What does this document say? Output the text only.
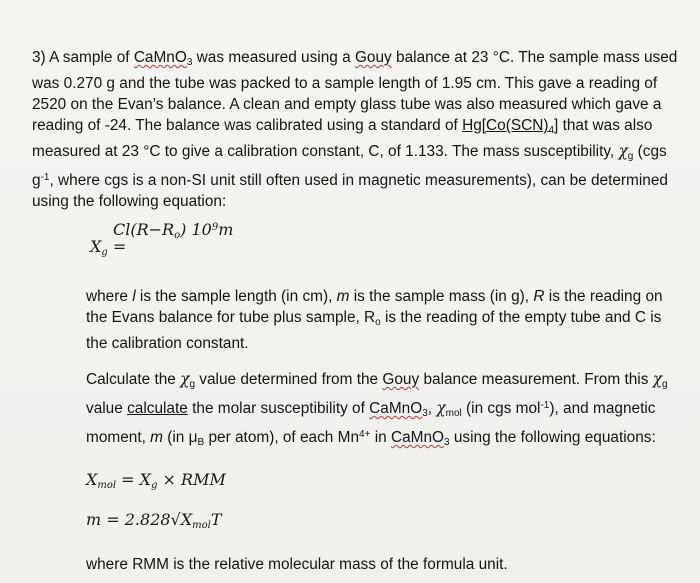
3) A sample of CaMnO$_3$ was measured using a Gouy balance at 23 °C. The sample mass used was 0.270 g and the tube was packed to a sample length of 1.95 cm. This gave a reading of 2520 on the Evan’s balance. A clean and empty glass tube was also measured which gave a reading of -24. The balance was calibrated using a standard of $Hg[Co(SCN)_4]$ that was also measured at 23 °C to give a calibration constant, C, of 1.133. The mass susceptibility, $\chi_g$ (cgs $g^{-1}$, where cgs is a non-SI unit still often used in magnetic measurements), can be determined using the following equation:

$Cl(R-R_o)$ $10^9m$
$X_g$ =

where l is the sample length (in cm), m is the sample mass (in g), R is the reading on the Evans balance for tube plus sample, $R_o$ is the reading of the empty tube and C is the calibration constant.

Calculate the $\chi_g$ value determined from the Gouy balance measurement. From this $\chi_g$ value calculate the molar susceptibility of CaMnO$_3$, $\chi_{mol}$ (in cgs mol$^{-1}$), and magnetic moment, m (in $\mu_B$ per atom), of each $Mn^{4+}$ in CaMnO$_3$ using the following equations:

$X_{mol} = X_g$ × RMM
$m = 2.828√X_{mol}T$

where RMM is the relative molecular mass of the formula unit.
